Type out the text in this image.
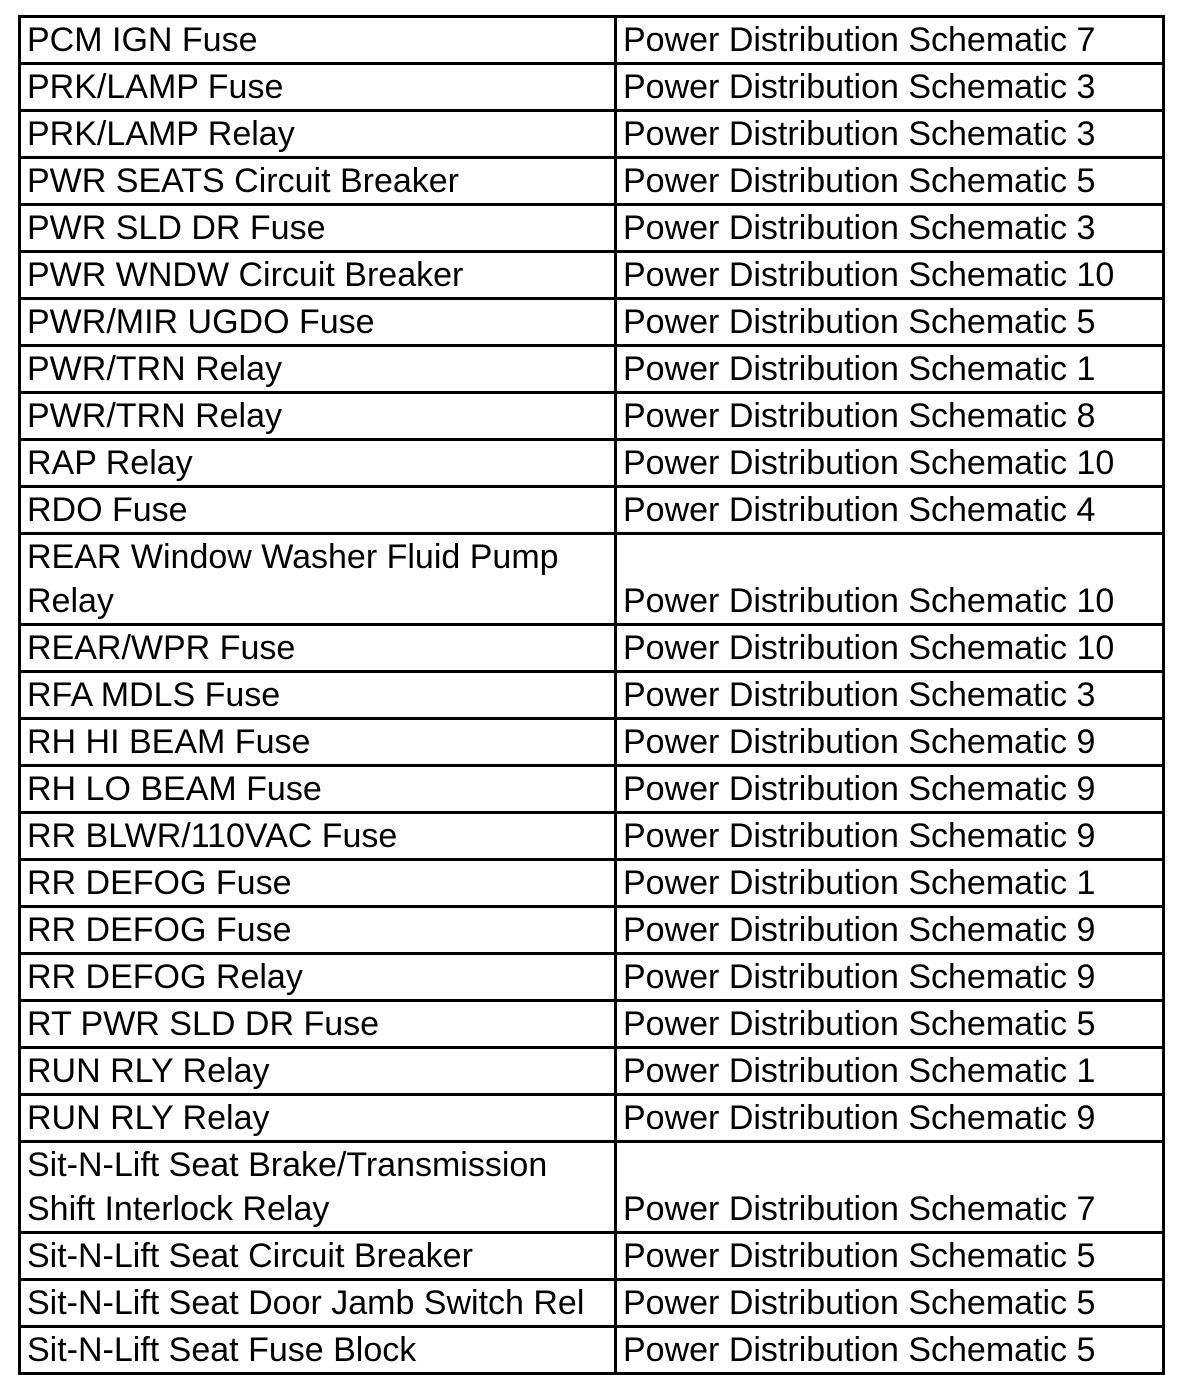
PCM IGN Fuse	Power Distribution Schematic 7
PRK/LAMP Fuse	Power Distribution Schematic 3
PRK/LAMP Relay	Power Distribution Schematic 3
PWR SEATS Circuit Breaker	Power Distribution Schematic 5
PWR SLD DR Fuse	Power Distribution Schematic 3
PWR WNDW Circuit Breaker	Power Distribution Schematic 10
PWR/MIR UGDO Fuse	Power Distribution Schematic 5
PWR/TRN Relay	Power Distribution Schematic 1
PWR/TRN Relay	Power Distribution Schematic 8
RAP Relay	Power Distribution Schematic 10
RDO Fuse	Power Distribution Schematic 4
REAR Window Washer Fluid Pump Relay	Power Distribution Schematic 10
REAR/WPR Fuse	Power Distribution Schematic 10
RFA MDLS Fuse	Power Distribution Schematic 3
RH HI BEAM Fuse	Power Distribution Schematic 9
RH LO BEAM Fuse	Power Distribution Schematic 9
RR BLWR/110VAC Fuse	Power Distribution Schematic 9
RR DEFOG Fuse	Power Distribution Schematic 1
RR DEFOG Fuse	Power Distribution Schematic 9
RR DEFOG Relay	Power Distribution Schematic 9
RT PWR SLD DR Fuse	Power Distribution Schematic 5
RUN RLY Relay	Power Distribution Schematic 1
RUN RLY Relay	Power Distribution Schematic 9
Sit-N-Lift Seat Brake/Transmission Shift Interlock Relay	Power Distribution Schematic 7
Sit-N-Lift Seat Circuit Breaker	Power Distribution Schematic 5
Sit-N-Lift Seat Door Jamb Switch Rel	Power Distribution Schematic 5
Sit-N-Lift Seat Fuse Block	Power Distribution Schematic 5
